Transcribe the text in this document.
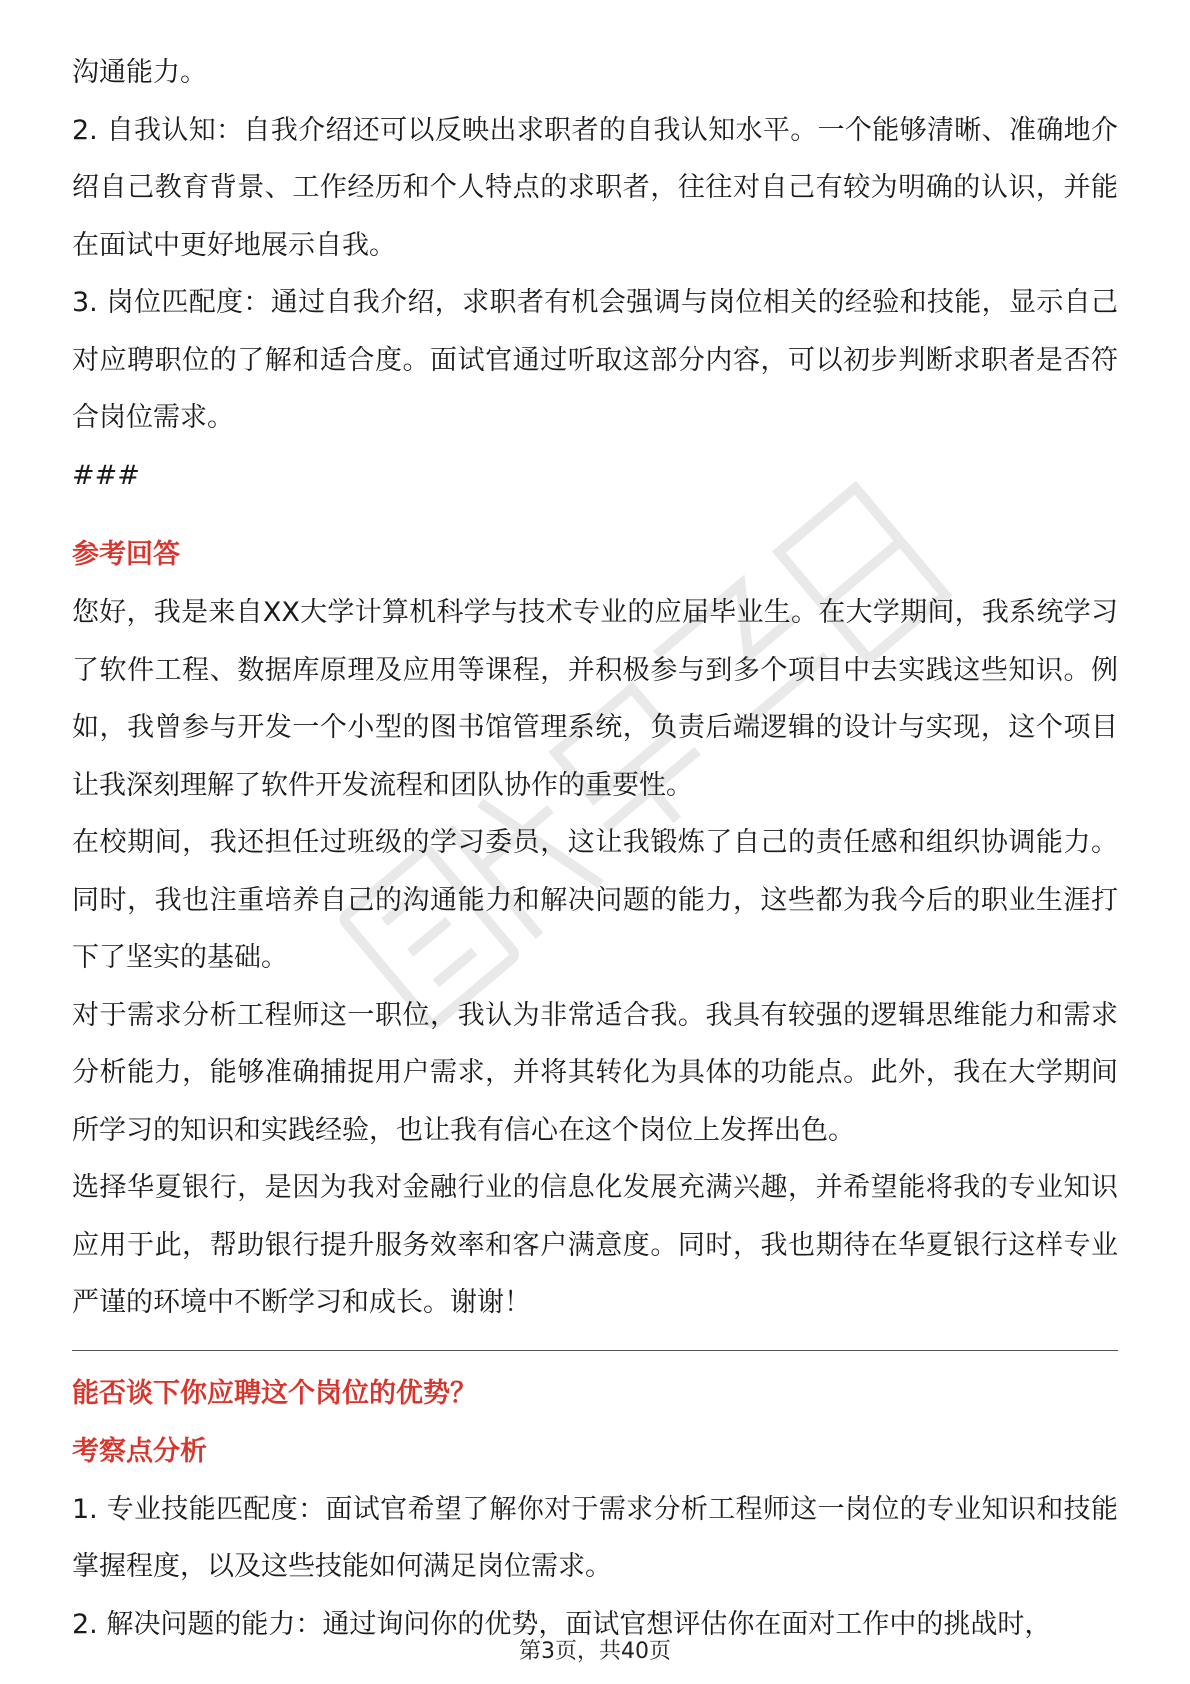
沟通能力。

2. 自我认知：自我介绍还可以反映出求职者的自我认知水平。一个能够清晰、准确地介绍自己教育背景、工作经历和个人特点的求职者，往往对自己有较为明确的认识，并能在面试中更好地展示自我。

3. 岗位匹配度：通过自我介绍，求职者有机会强调与岗位相关的经验和技能，显示自己对应聘职位的了解和适合度。面试官通过听取这部分内容，可以初步判断求职者是否符合岗位需求。

###

参考回答

您好，我是来自XX大学计算机科学与技术专业的应届毕业生。在大学期间，我系统学习了软件工程、数据库原理及应用等课程，并积极参与到多个项目中去实践这些知识。例如，我曾参与开发一个小型的图书馆管理系统，负责后端逻辑的设计与实现，这个项目让我深刻理解了软件开发流程和团队协作的重要性。

在校期间，我还担任过班级的学习委员，这让我锻炼了自己的责任感和组织协调能力。同时，我也注重培养自己的沟通能力和解决问题的能力，这些都为我今后的职业生涯打下了坚实的基础。

对于需求分析工程师这一职位，我认为非常适合我。我具有较强的逻辑思维能力和需求分析能力，能够准确捕捉用户需求，并将其转化为具体的功能点。此外，我在大学期间所学习的知识和实践经验，也让我有信心在这个岗位上发挥出色。

选择华夏银行，是因为我对金融行业的信息化发展充满兴趣，并希望能将我的专业知识应用于此，帮助银行提升服务效率和客户满意度。同时，我也期待在华夏银行这样专业严谨的环境中不断学习和成长。谢谢！

能否谈下你应聘这个岗位的优势？

考察点分析

1. 专业技能匹配度：面试官希望了解你对于需求分析工程师这一岗位的专业知识和技能掌握程度，以及这些技能如何满足岗位需求。

2. 解决问题的能力：通过询问你的优势，面试官想评估你在面对工作中的挑战时，

第3页，共40页
